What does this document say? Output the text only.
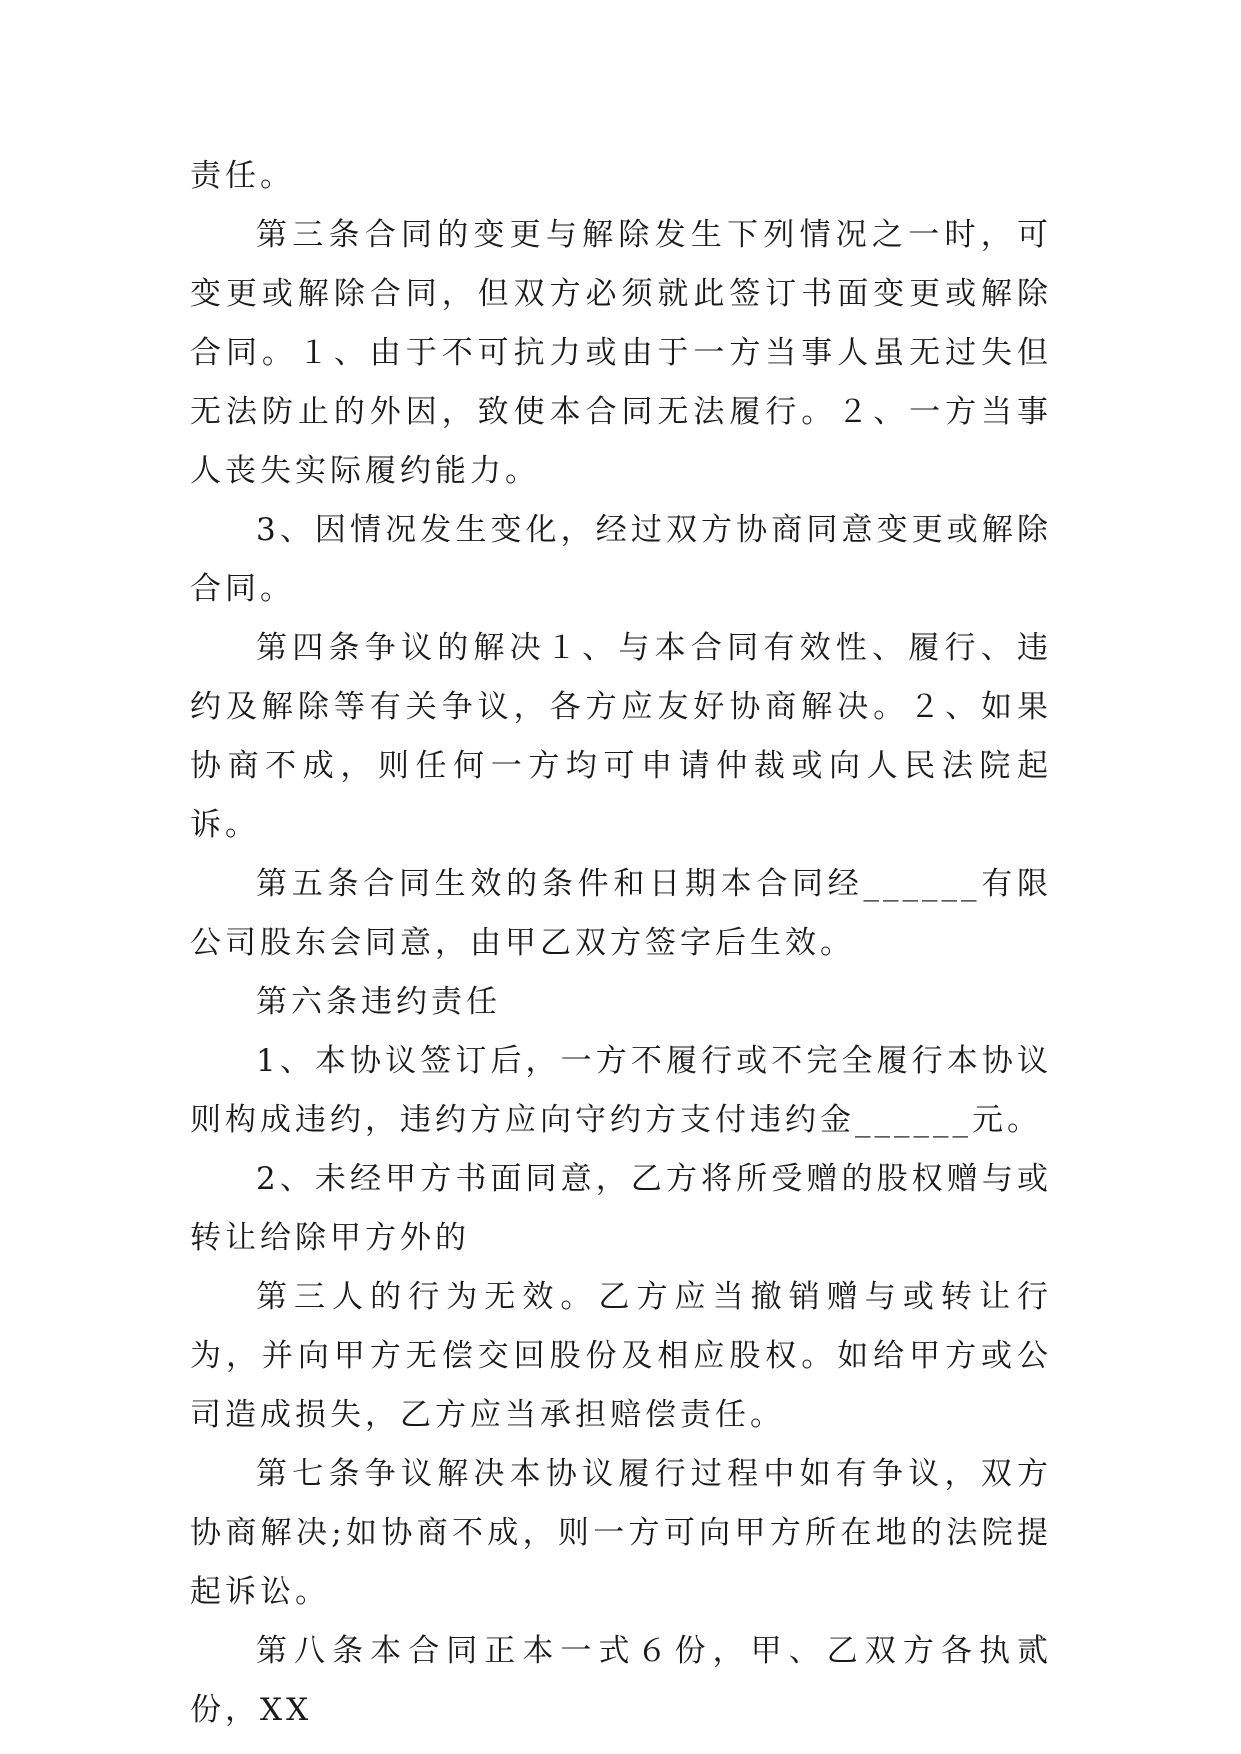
责任。

第三条合同的变更与解除发生下列情况之一时，可变更或解除合同，但双方必须就此签订书面变更或解除合同。１、由于不可抗力或由于一方当事人虽无过失但无法防止的外因，致使本合同无法履行。２、一方当事人丧失实际履约能力。

3、因情况发生变化，经过双方协商同意变更或解除合同。

第四条争议的解决１、与本合同有效性、履行、违约及解除等有关争议，各方应友好协商解决。２、如果协商不成，则任何一方均可申请仲裁或向人民法院起诉。

第五条合同生效的条件和日期本合同经______有限公司股东会同意，由甲乙双方签字后生效。

第六条违约责任

1、本协议签订后，一方不履行或不完全履行本协议则构成违约，违约方应向守约方支付违约金______元。

2、未经甲方书面同意，乙方将所受赠的股权赠与或转让给除甲方外的

第三人的行为无效。乙方应当撤销赠与或转让行为，并向甲方无偿交回股份及相应股权。如给甲方或公司造成损失，乙方应当承担赔偿责任。

第七条争议解决本协议履行过程中如有争议，双方协商解决;如协商不成，则一方可向甲方所在地的法院提起诉讼。

第八条本合同正本一式６份，甲、乙双方各执贰份，XX
